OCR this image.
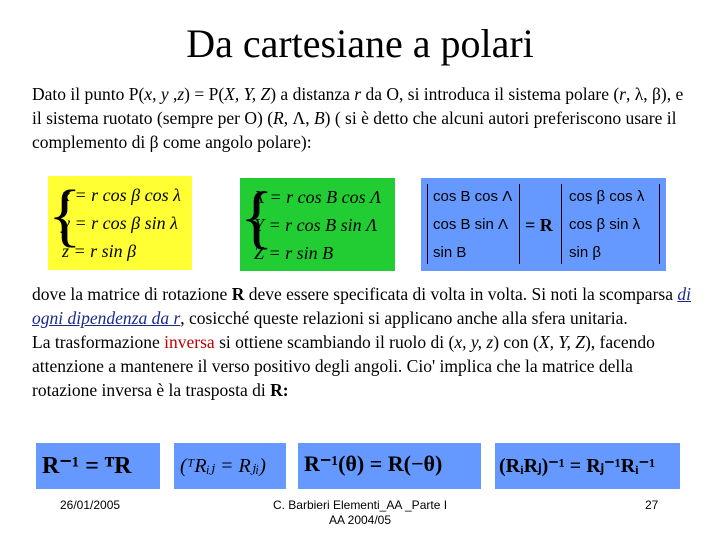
Da cartesiane a polari
Dato il punto P(x, y ,z) = P(X, Y, Z) a distanza r da O, si introduca il sistema polare (r, λ, β), e il sistema ruotato (sempre per O) (R, Λ, B) ( si è detto che alcuni autori preferiscono usare il complemento di β come angolo polare):
{
x = r cos β cos λ
y = r cos β sin λ
z = r sin β {
X = r cos B cos Λ
Y = r cos B sin Λ
Z = r sin B
cos B cos Λ
cos B sin Λ
sin B
= R
cos β cos λ
cos β sin λ
sin β
dove la matrice di rotazione R deve essere specificata di volta in volta. Si noti la scomparsa di ogni dipendenza da r, cosicché queste relazioni si applicano anche alla sfera unitaria.
La trasformazione inversa si ottiene scambiando il ruolo di (x, y, z) con (X, Y, Z), facendo attenzione a mantenere il verso positivo degli angoli. Cio' implica che la matrice della rotazione inversa è la trasposta di R:
R⁻¹ = ᵀR (ᵀRᵢⱼ = Rⱼᵢ) R⁻¹(θ) = R(−θ)	(RᵢRⱼ)⁻¹ = Rⱼ⁻¹Rᵢ⁻¹
26/01/2005	C. Barbieri Elementi_AA _Parte I
AA 2004/05
27
